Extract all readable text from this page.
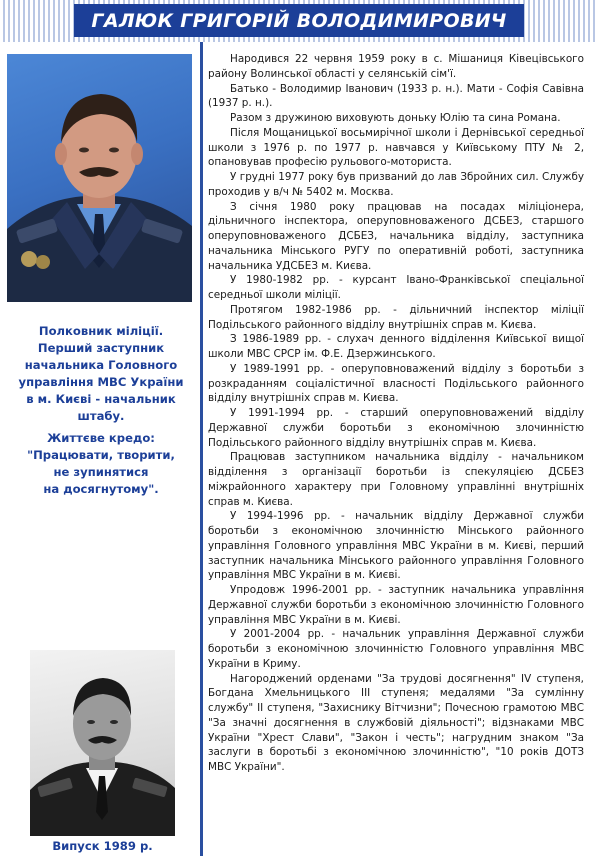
ГАЛЮК ГРИГОРІЙ ВОЛОДИМИРОВИЧ
Полковник міліції.
Перший заступник
начальника Головного
управління МВС України
в м. Києві - начальник штабу.
Життєве кредо:
"Працювати, творити,
не зупинятися
на досягнутому".
Випуск 1989 р.

Народився 22 червня 1959 року в с. Мішаниця Ківецівського району Волинської області у селянській сім'ї.

Батько - Володимир Іванович (1933 р. н.). Мати - Софія Савівна (1937 р. н.).

Разом з дружиною виховують доньку Юлію та сина Романа.

Після Мощаницької восьмирічної школи і Дернівської середньої школи з 1976 р. по 1977 р. навчався у Київському ПТУ № 2, опановував професію рульового-моториста.

У грудні 1977 року був призваний до лав Збройних сил. Службу проходив у в/ч № 5402 м. Москва.

З січня 1980 року працював на посадах міліціонера, дільничного інспектора, оперуповноваженого ДСБЕЗ, старшого оперуповноваженого ДСБЕЗ, начальника відділу, заступника начальника Мінського РУГУ по оперативній роботі, заступника начальника УДСБЕЗ м. Києва.

У 1980-1982 рр. - курсант Івано-Франківської спеціальної середньої школи міліції.

Протягом 1982-1986 рр. - дільничний інспектор міліції Подільського районного відділу внутрішніх справ м. Києва.

З 1986-1989 рр. - слухач денного відділення Київської вищої школи МВС СРСР ім. Ф.Е. Дзержинського.

У 1989-1991 рр. - оперуповноважений відділу з боротьби з розкраданням соціалістичної власності Подільського районного відділу внутрішніх справ м. Києва.

У 1991-1994 рр. - старший оперуповноважений відділу Державної служби боротьби з економічною злочинністю Подільського районного відділу внутрішніх справ м. Києва.

Працював заступником начальника відділу - начальником відділення з організації боротьби із спекуляцією ДСБЕЗ міжрайонного характеру при Головному управлінні внутрішніх справ м. Києва.

У 1994-1996 рр. - начальник відділу Державної служби боротьби з економічною злочинністю Мінського районного управління Головного управління МВС України в м. Києві, перший заступник начальника Мінського районного управління Головного управління МВС України в м. Києві.

Упродовж 1996-2001 рр. - заступник начальника управління Державної служби боротьби з економічною злочинністю Головного управління МВС України в м. Києві.

У 2001-2004 рр. - начальник управління Державної служби боротьби з економічною злочинністю Головного управління МВС України в Криму.

Нагороджений орденами "За трудові досягнення" IV ступеня, Богдана Хмельницького III ступеня; медалями "За сумлінну службу" II ступеня, "Захиснику Вітчизни"; Почесною грамотою МВС "За значні досягнення в службовій діяльності"; відзнаками МВС України "Хрест Слави", "Закон і честь"; нагрудним знаком "За заслуги в боротьбі з економічною злочинністю", "10 років ДОТЗ МВС України".
